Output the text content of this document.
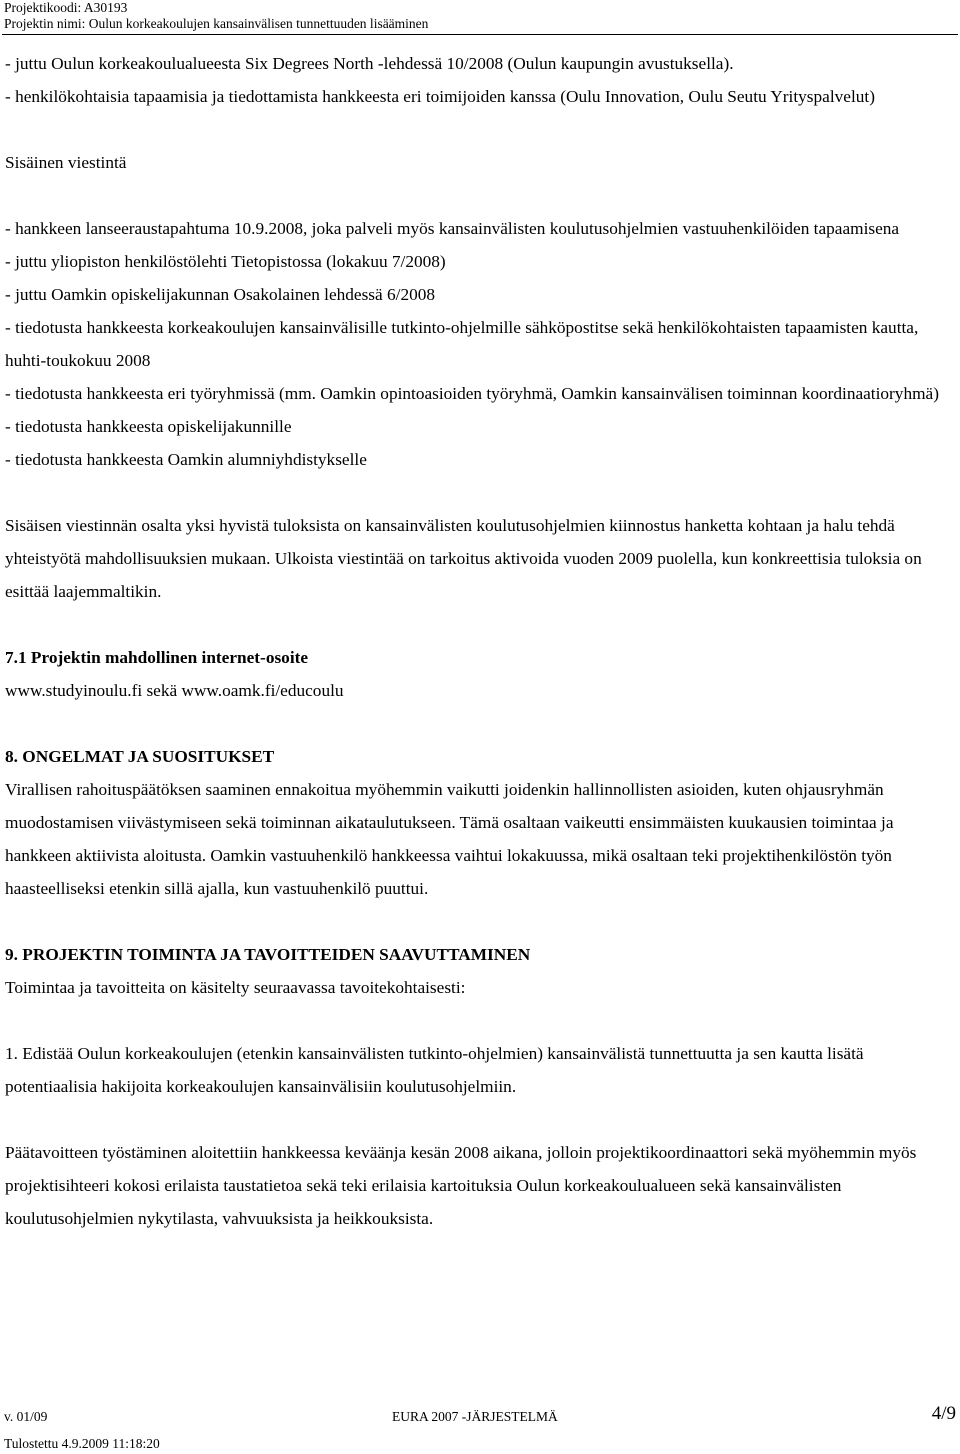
Projektikoodi: A30193
Projektin nimi: Oulun korkeakoulujen kansainvälisen tunnettuuden lisääminen

- juttu Oulun korkeakoulualueesta Six Degrees North -lehdessä 10/2008 (Oulun kaupungin avustuksella).

- henkilökohtaisia tapaamisia ja tiedottamista hankkeesta eri toimijoiden kanssa (Oulu Innovation, Oulu Seutu Yrityspalvelut)

Sisäinen viestintä

- hankkeen lanseeraustapahtuma 10.9.2008, joka palveli myös kansainvälisten koulutusohjelmien vastuuhenkilöiden tapaamisena

- juttu yliopiston henkilöstölehti Tietopistossa (lokakuu 7/2008)

- juttu Oamkin opiskelijakunnan Osakolainen lehdessä 6/2008

- tiedotusta hankkeesta korkeakoulujen kansainvälisille tutkinto-ohjelmille sähköpostitse sekä henkilökohtaisten tapaamisten kautta, huhti-toukokuu 2008

- tiedotusta hankkeesta eri työryhmissä (mm. Oamkin opintoasioiden työryhmä, Oamkin kansainvälisen toiminnan koordinaatioryhmä)

- tiedotusta hankkeesta opiskelijakunnille

- tiedotusta hankkeesta Oamkin alumniyhdistykselle

Sisäisen viestinnän osalta yksi hyvistä tuloksista on kansainvälisten koulutusohjelmien kiinnostus hanketta kohtaan ja halu tehdä yhteistyötä mahdollisuuksien mukaan. Ulkoista viestintää on tarkoitus aktivoida vuoden 2009 puolella, kun konkreettisia tuloksia on esittää laajemmaltikin.

7.1 Projektin mahdollinen internet-osoite

www.studyinoulu.fi sekä www.oamk.fi/educoulu

8. ONGELMAT JA SUOSITUKSET

Virallisen rahoituspäätöksen saaminen ennakoitua myöhemmin vaikutti joidenkin hallinnollisten asioiden, kuten ohjausryhmän muodostamisen viivästymiseen sekä toiminnan aikataulutukseen. Tämä osaltaan vaikeutti ensimmäisten kuukausien toimintaa ja hankkeen aktiivista aloitusta. Oamkin vastuuhenkilö hankkeessa vaihtui lokakuussa, mikä osaltaan teki projektihenkilöstön työn haasteelliseksi etenkin sillä ajalla, kun vastuuhenkilö puuttui.

9. PROJEKTIN TOIMINTA JA TAVOITTEIDEN SAAVUTTAMINEN

Toimintaa ja tavoitteita on käsitelty seuraavassa tavoitekohtaisesti:

1. Edistää Oulun korkeakoulujen (etenkin kansainvälisten tutkinto-ohjelmien) kansainvälistä tunnettuutta ja sen kautta lisätä potentiaalisia hakijoita korkeakoulujen kansainvälisiin koulutusohjelmiin.

Päätavoitteen työstäminen aloitettiin hankkeessa keväänja kesän 2008 aikana, jolloin projektikoordinaattori sekä myöhemmin myös projektisihteeri kokosi erilaista taustatietoa sekä teki erilaisia kartoituksia Oulun korkeakoulualueen sekä kansainvälisten koulutusohjelmien nykytilasta, vahvuuksista ja heikkouksista.

v. 01/09	EURA 2007 -JÄRJESTELMÄ	4/9
Tulostettu 4.9.2009 11:18:20
